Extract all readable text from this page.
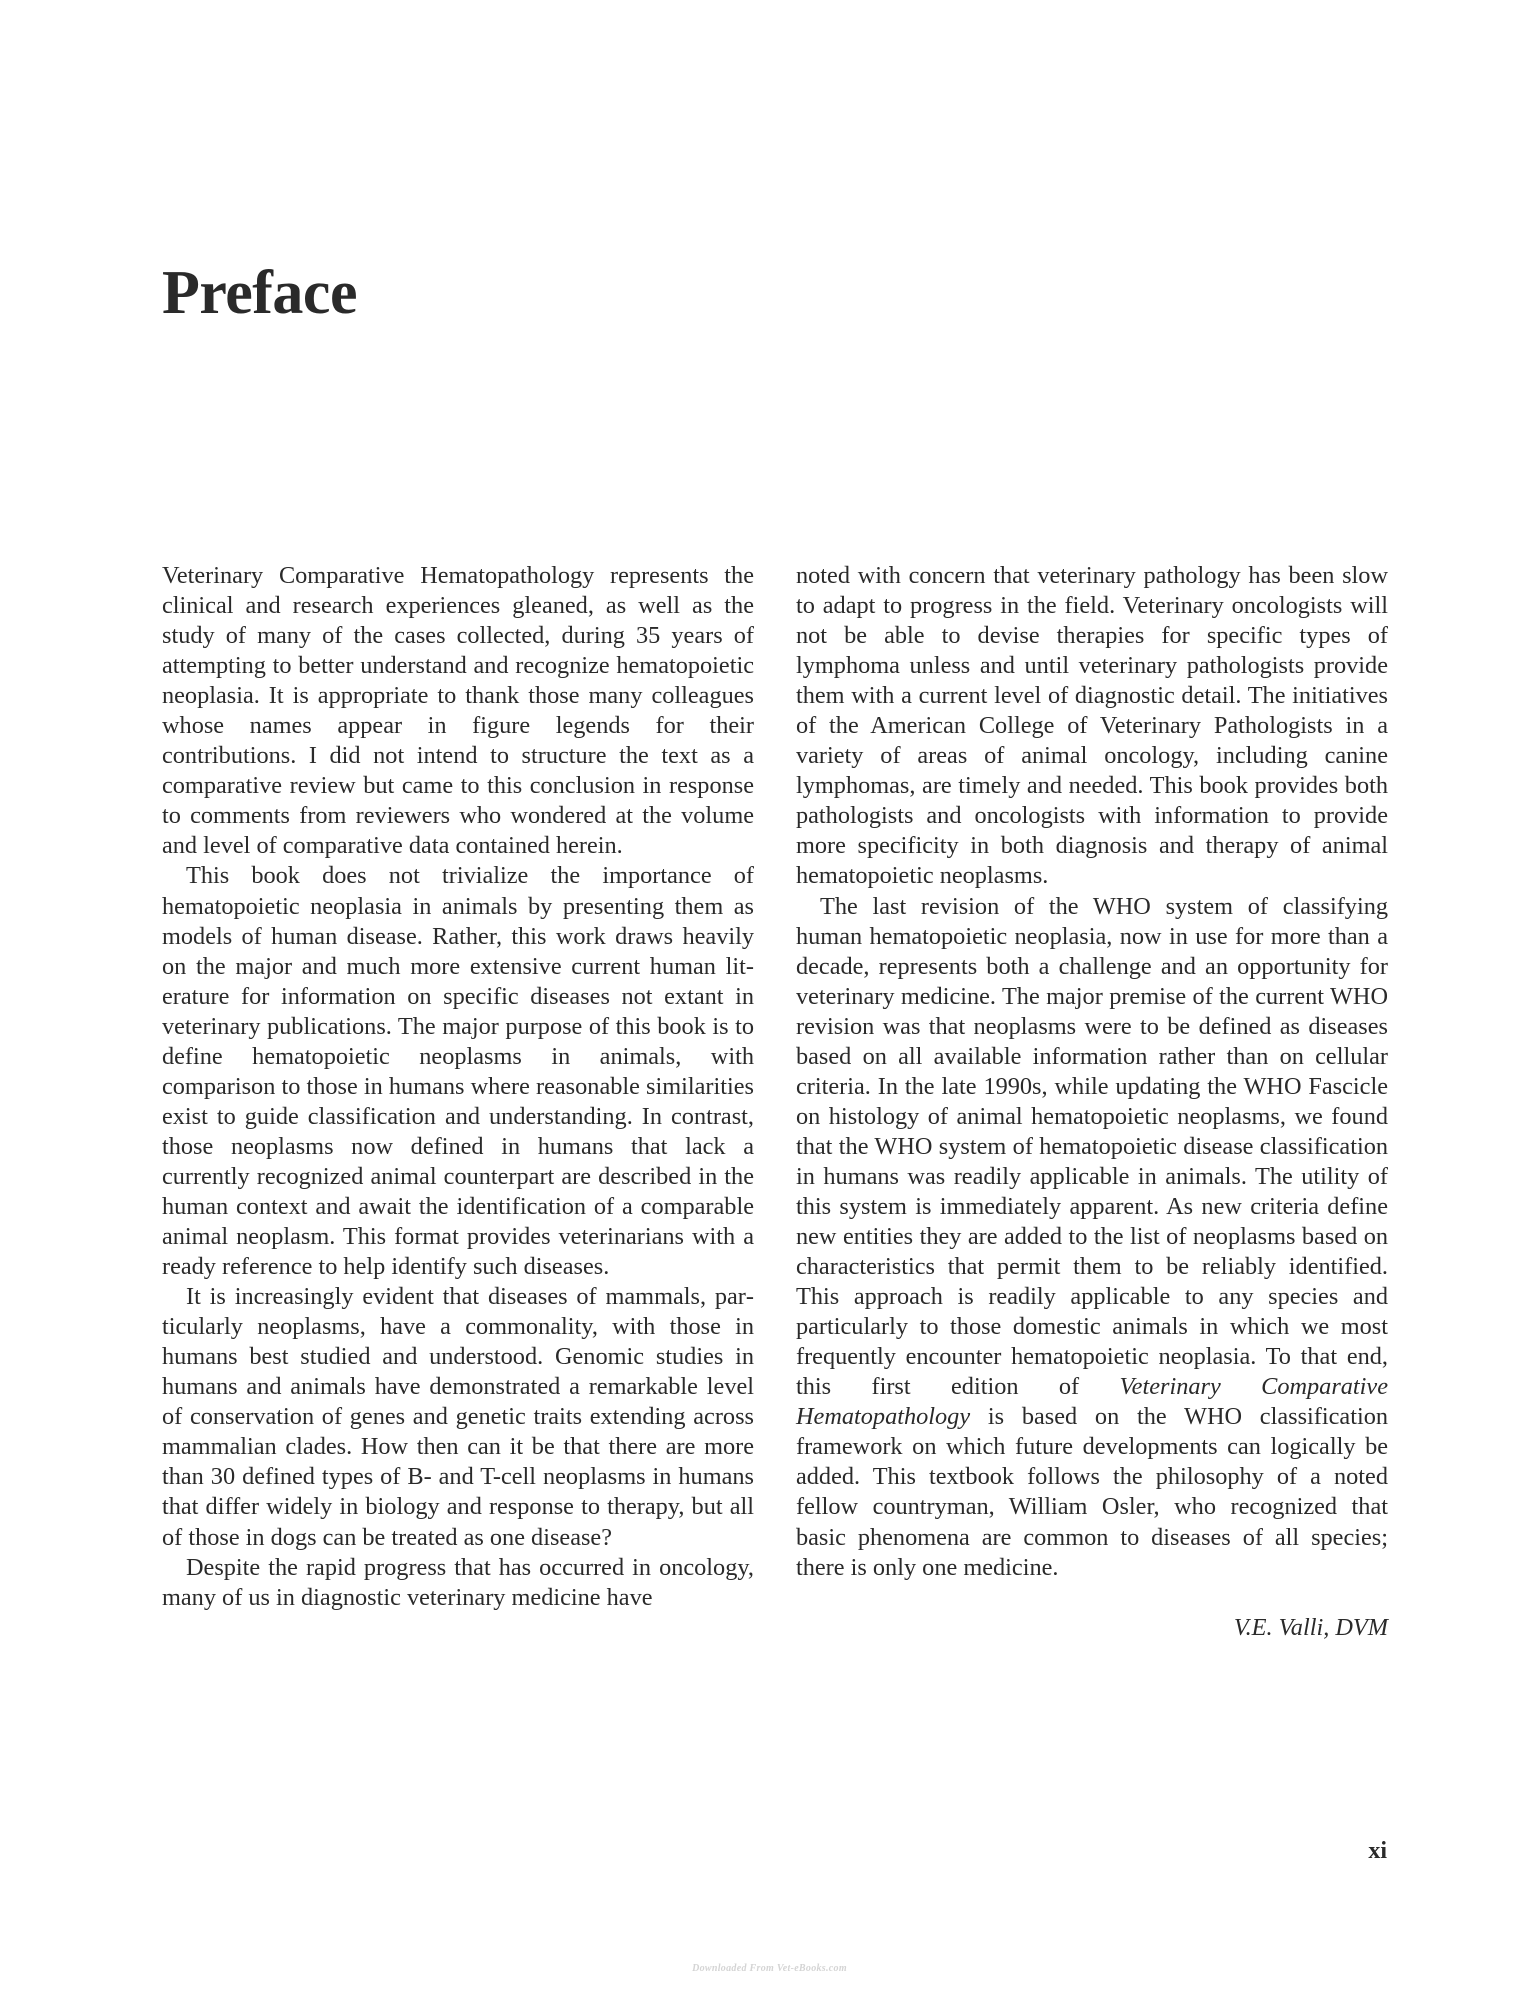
Preface

Veterinary Comparative Hematopathology represents the clinical and research experiences gleaned, as well as the study of many of the cases collected, during 35 years of attempting to better understand and recognize hematopoietic neoplasia. It is appropriate to thank those many colleagues whose names appear in figure legends for their contributions. I did not intend to structure the text as a comparative review but came to this conclusion in response to comments from reviewers who wondered at the volume and level of comparative data contained herein.

This book does not trivialize the importance of hematopoietic neoplasia in animals by presenting them as models of human disease. Rather, this work draws heavily on the major and much more extensive current human literature for information on specific diseases not extant in veterinary publications. The major purpose of this book is to define hematopoietic neoplasms in animals, with comparison to those in humans where reasonable similarities exist to guide classification and understanding. In contrast, those neoplasms now defined in humans that lack a currently recognized animal counterpart are described in the human context and await the identification of a comparable animal neoplasm. This format provides veterinarians with a ready reference to help identify such diseases.

It is increasingly evident that diseases of mammals, particularly neoplasms, have a commonality, with those in humans best studied and understood. Genomic studies in humans and animals have demonstrated a remarkable level of conservation of genes and genetic traits extending across mammalian clades. How then can it be that there are more than 30 defined types of B- and T-cell neoplasms in humans that differ widely in biology and response to therapy, but all of those in dogs can be treated as one disease?

Despite the rapid progress that has occurred in oncology, many of us in diagnostic veterinary medicine have

noted with concern that veterinary pathology has been slow to adapt to progress in the field. Veterinary oncologists will not be able to devise therapies for specific types of lymphoma unless and until veterinary pathologists provide them with a current level of diagnostic detail. The initiatives of the American College of Veterinary Pathologists in a variety of areas of animal oncology, including canine lymphomas, are timely and needed. This book provides both pathologists and oncologists with information to provide more specificity in both diagnosis and therapy of animal hematopoietic neoplasms.

The last revision of the WHO system of classifying human hematopoietic neoplasia, now in use for more than a decade, represents both a challenge and an opportunity for veterinary medicine. The major premise of the current WHO revision was that neoplasms were to be defined as diseases based on all available information rather than on cellular criteria. In the late 1990s, while updating the WHO Fascicle on histology of animal hematopoietic neoplasms, we found that the WHO system of hematopoietic disease classification in humans was readily applicable in animals. The utility of this system is immediately apparent. As new criteria define new entities they are added to the list of neoplasms based on characteristics that permit them to be reliably identified. This approach is readily applicable to any species and particularly to those domestic animals in which we most frequently encounter hematopoietic neoplasia. To that end, this first edition of Veterinary Comparative Hematopathology is based on the WHO classification framework on which future developments can logically be added. This textbook follows the philosophy of a noted fellow countryman, William Osler, who recognized that basic phenomena are common to diseases of all species; there is only one medicine.

V.E. Valli, DVM

xi
Downloaded From Vet-eBooks.com
